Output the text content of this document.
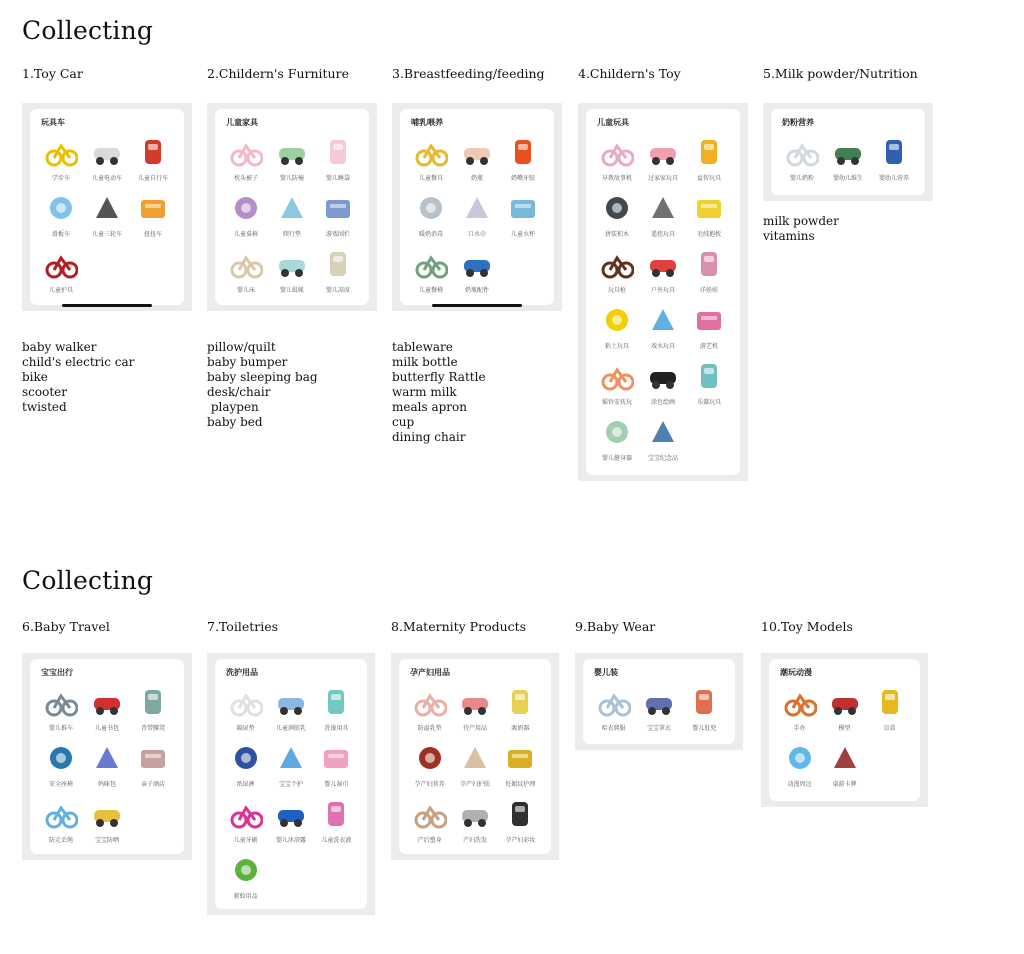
Collecting
Collecting
1.Toy Car
玩具车
学步车	儿童电动车	儿童自行车
滑板车	儿童三轮车	扭扭车
儿童护具
baby walker
child's electric car
bike
scooter
twisted
2.Childern's Furniture
儿童家具
枕头被子	婴儿防撞	婴儿睡袋
儿童桌椅	爬行垫	游戏围栏
婴儿床	婴儿蚊帐	婴儿凉席
pillow/quilt
baby bumper
baby sleeping bag
desk/chair
playpen
baby bed
3.Breastfeeding/feeding
哺乳喂养
儿童餐具	奶瓶	奶嘴牙胶
暖奶消毒	口水巾	儿童水杯
儿童餐椅	奶瓶配件
tableware
milk bottle
butterfly Rattle
warm milk
meals apron
cup
dining chair
4.Childern's Toy
儿童玩具
早教故事机	过家家玩具	益智玩具
拼装积木	遥控玩具	毛绒抱枕
玩具枪	户外玩具	洋娃娃
粘土玩具	戏水玩具	游艺机
摇铃安抚玩	涂色绘画	乐器玩具
婴儿健身器	宝宝纪念品
5.Milk powder/Nutrition
奶粉营养
婴儿奶粉	婴幼儿维生	婴幼儿营养
milk powder
vitamins
6.Baby Travel
宝宝出行
婴儿推车	儿童书包	背带腰凳
安全座椅	妈咪包	亲子酒店
防走丢绳	宝宝防晒
7.Toiletries
洗护用品
隔尿垫	儿童润肤乳	洗澡用具
纸尿裤	宝宝个护	婴儿湿巾
儿童牙刷	婴儿沐浴露	儿童洗衣液
驱蚊用品
8.Maternity Products
孕产妇用品
防溢乳垫	待产用品	吸奶器
孕产妇营养	孕产妇护肤	妊娠纹护理
产后塑身	产妇洗发	孕产妇彩妆
9.Baby Wear
婴儿装
哈衣爬服	宝宝罩衣	婴儿肚兜
10.Toy Models
潮玩动漫
手办	模型	盲盒
动漫周边	桌游卡牌
